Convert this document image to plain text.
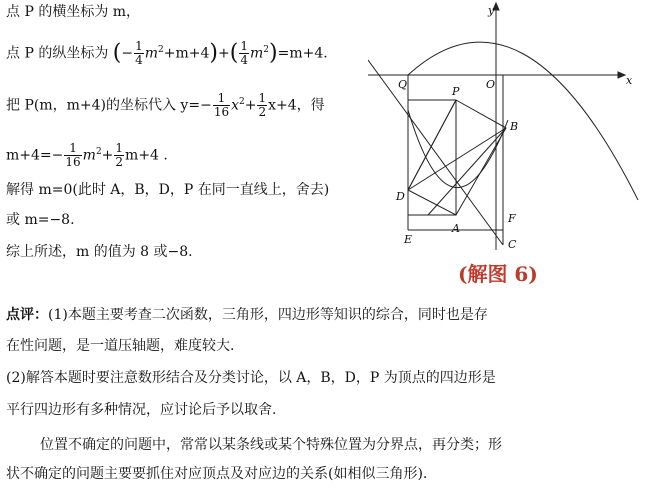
点 P 的横坐标为 m，
点 P 的纵坐标为 (− $\frac{1}{4} m^2+m+4)+( \frac{1}{4} m^2)=m+4$.
把 P(m，m+4)的坐标代入 $y=- \frac{1}{16} x^2+ \frac{1}{2} x+4$，得
$m+4=- \frac{1}{16} m^2+ \frac{1}{2} m+4$ .
解得 m=0(此时 A，B，D，P 在同一直线上，舍去)
或 m=−8.
综上所述，m 的值为 8 或−8.
y
x
O
Q
P
B
D
E
A
F
C
(解图 6)
点评：(1)本题主要考查二次函数，三角形，四边形等知识的综合，同时也是存
在性问题，是一道压轴题，难度较大.
(2)解答本题时要注意数形结合及分类讨论，以 A，B，D，P 为顶点的四边形是
平行四边形有多种情况，应讨论后予以取舍.
位置不确定的问题中，常常以某条线或某个特殊位置为分界点，再分类；形
状不确定的问题主要要抓住对应顶点及对应边的关系(如相似三角形).
